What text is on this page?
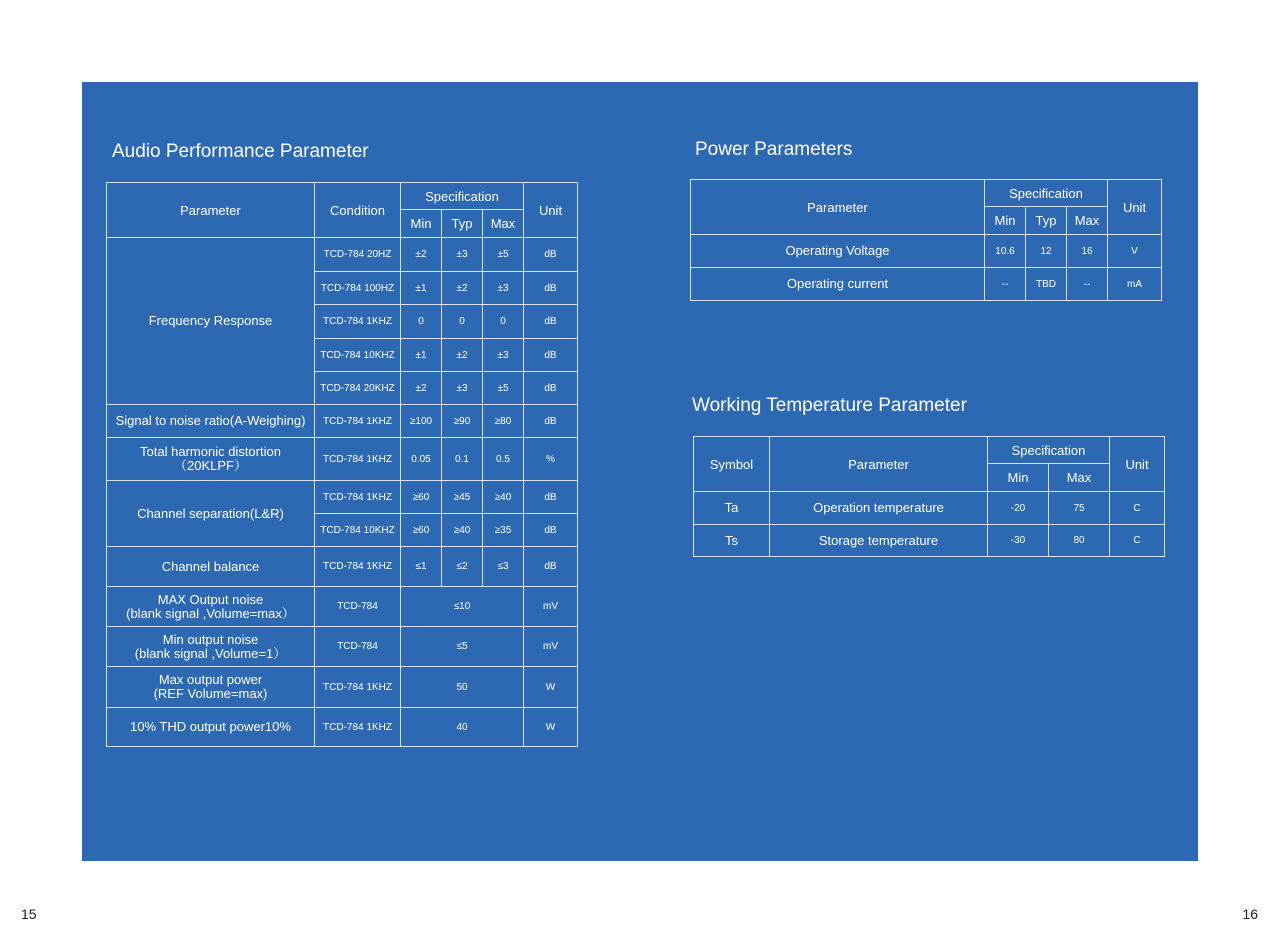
Audio Performance Parameter
Parameter	Condition	Specification			Unit
		Min	Typ	Max	

Frequency Response	TCD-784 20HZ	±2	±3	±5	dB
	TCD-784 100HZ	±1	±2	±3	dB
	TCD-784 1KHZ	0	0	0	dB
	TCD-784 10KHZ	±1	±2	±3	dB
	TCD-784 20KHZ	±2	±3	±5	dB

Signal to noise ratio(A-Weighing)	TCD-784 1KHZ	≥100	≥90	≥80	dB

Total harmonic distortion
（20KLPF）	TCD-784 1KHZ	0.05	0.1	0.5	%

Channel separation(L&R)	TCD-784 1KHZ	≥60	≥45	≥40	dB
	TCD-784 10KHZ	≥60	≥40	≥35	dB

Channel balance	TCD-784 1KHZ	≤1	≤2	≤3	dB

MAX Output noise
(blank signal ,Volume=max）	TCD-784	≤10			mV

Min output noise
(blank signal ,Volume=1）	TCD-784	≤5			mV

Max output power
(REF Volume=max)	TCD-784 1KHZ	50			W

10% THD output power10%	TCD-784 1KHZ	40			W
Power Parameters
Parameter	Specification			Unit
	Min	Typ	Max	
Operating Voltage	10.6	12	16	V
Operating current	--	TBD	--	mA
Working Temperature Parameter
Symbol	Parameter	Specification		Unit
		Min	Max	
Ta	Operation temperature	-20	75	C
Ts	Storage temperature	-30	80	C
15	16
